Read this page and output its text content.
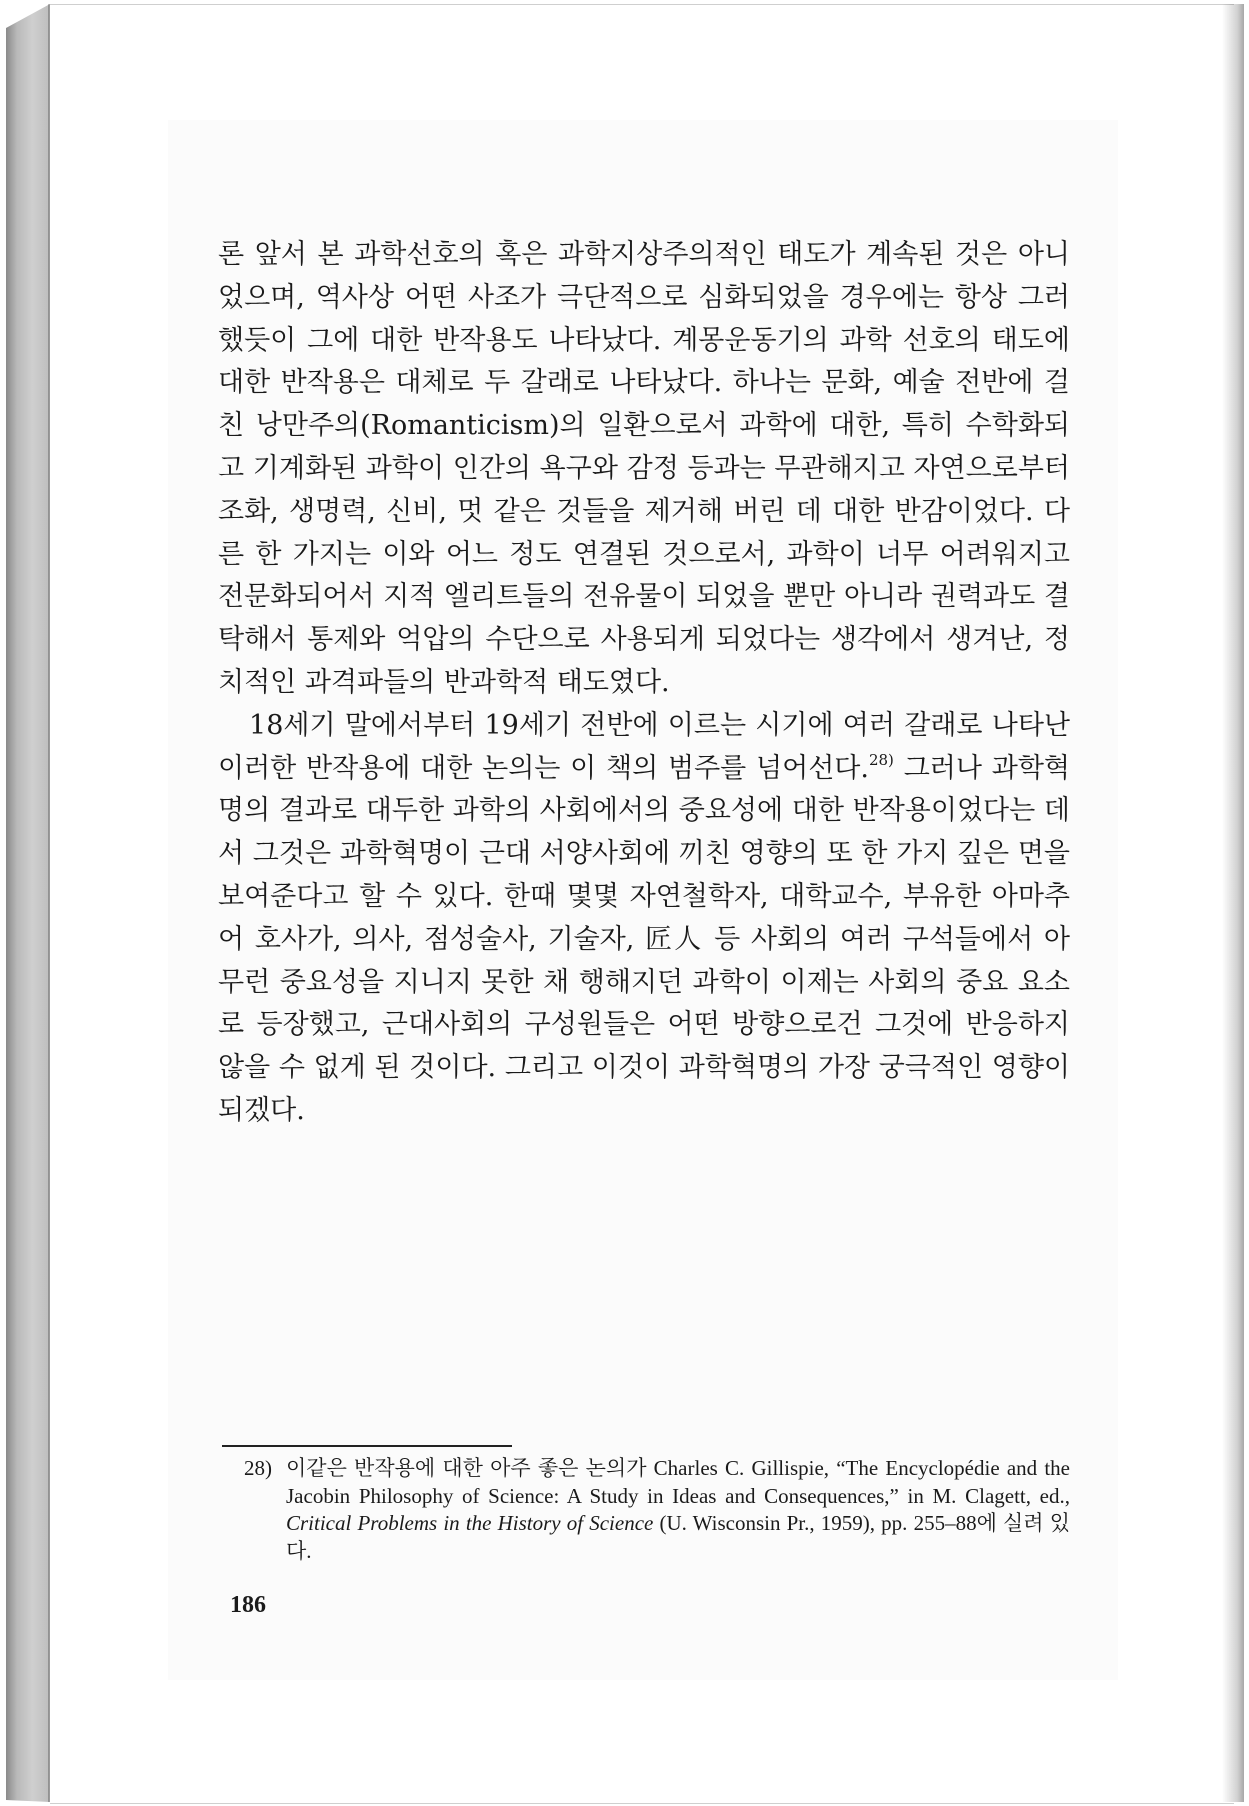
론 앞서 본 과학선호의 혹은 과학지상주의적인 태도가 계속된 것은 아니었으며, 역사상 어떤 사조가 극단적으로 심화되었을 경우에는 항상 그러했듯이 그에 대한 반작용도 나타났다. 계몽운동기의 과학 선호의 태도에 대한 반작용은 대체로 두 갈래로 나타났다. 하나는 문화, 예술 전반에 걸친 낭만주의(Romanticism)의 일환으로서 과학에 대한, 특히 수학화되고 기계화된 과학이 인간의 욕구와 감정 등과는 무관해지고 자연으로부터 조화, 생명력, 신비, 멋 같은 것들을 제거해 버린 데 대한 반감이었다. 다른 한 가지는 이와 어느 정도 연결된 것으로서, 과학이 너무 어려워지고 전문화되어서 지적 엘리트들의 전유물이 되었을 뿐만 아니라 권력과도 결탁해서 통제와 억압의 수단으로 사용되게 되었다는 생각에서 생겨난, 정치적인 과격파들의 반과학적 태도였다.

18세기 말에서부터 19세기 전반에 이르는 시기에 여러 갈래로 나타난 이러한 반작용에 대한 논의는 이 책의 범주를 넘어선다.$^{28)}$ 그러나 과학혁명의 결과로 대두한 과학의 사회에서의 중요성에 대한 반작용이었다는 데서 그것은 과학혁명이 근대 서양사회에 끼친 영향의 또 한 가지 깊은 면을 보여준다고 할 수 있다. 한때 몇몇 자연철학자, 대학교수, 부유한 아마추어 호사가, 의사, 점성술사, 기술자, 匠人 등 사회의 여러 구석들에서 아무런 중요성을 지니지 못한 채 행해지던 과학이 이제는 사회의 중요 요소로 등장했고, 근대사회의 구성원들은 어떤 방향으로건 그것에 반응하지 않을 수 없게 된 것이다. 그리고 이것이 과학혁명의 가장 궁극적인 영향이 되겠다.

28) 이같은 반작용에 대한 아주 좋은 논의가 Charles C. Gillispie, “The Encyclopédie and the Jacobin Philosophy of Science: A Study in Ideas and Consequences,” in M. Clagett, ed., Critical Problems in the History of Science (U. Wisconsin Pr., 1959), pp. 255–88에 실려 있다.
186
